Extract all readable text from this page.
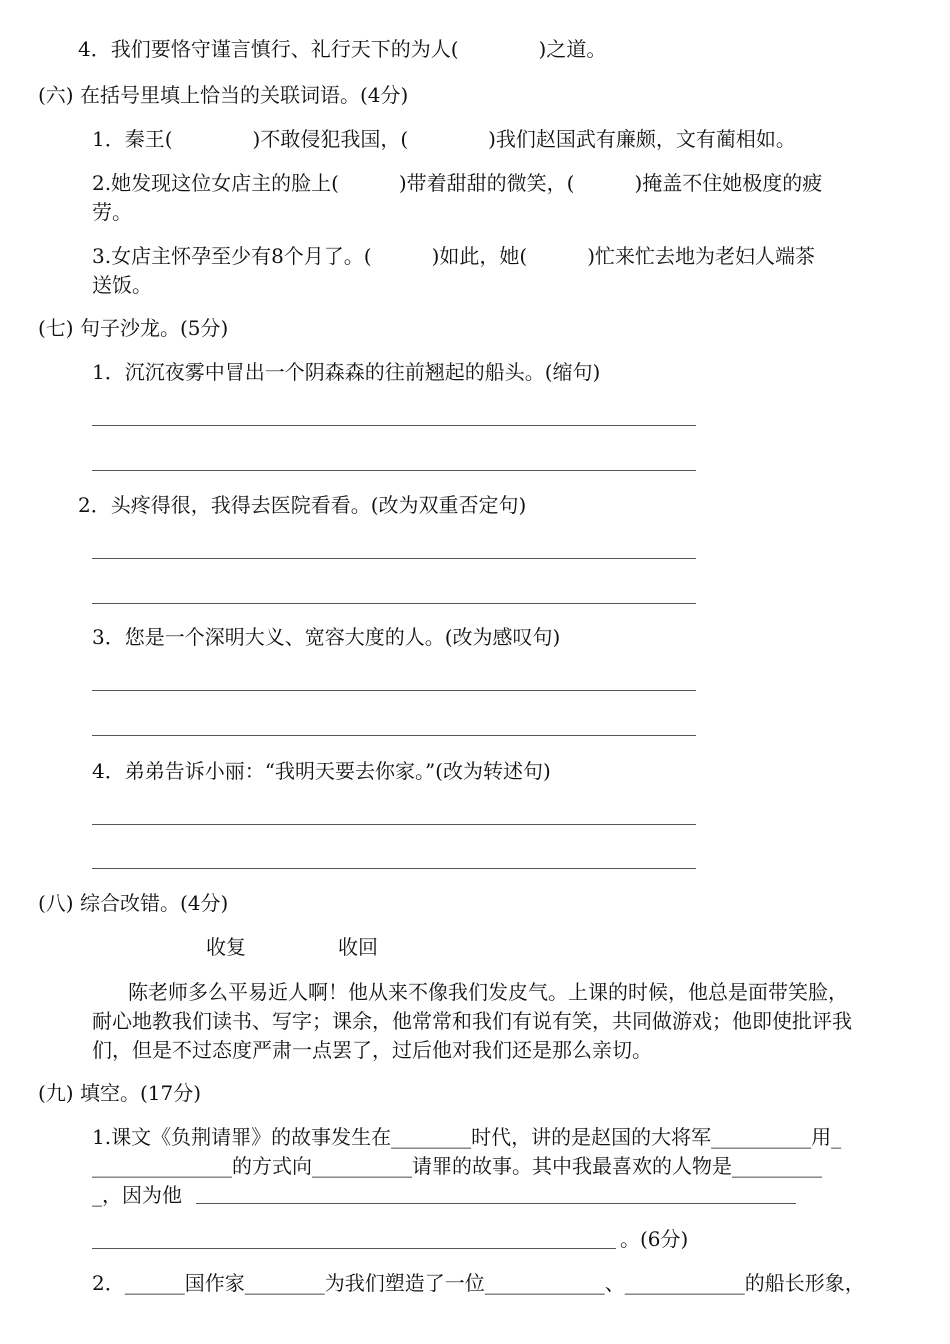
4．我们要恪守谨言慎行、礼行天下的为人(　　　　)之道。
(六) 在括号里填上恰当的关联词语。(4分)
1．秦王(　　　　)不敢侵犯我国，(　　　　)我们赵国武有廉颇，文有蔺相如。
2.她发现这位女店主的脸上(　　　)带着甜甜的微笑，(　　　)掩盖不住她极度的疲
劳。
3.女店主怀孕至少有8个月了。(　　　)如此，她(　　　)忙来忙去地为老妇人端茶
送饭。
(七) 句子沙龙。(5分)
1．沉沉夜雾中冒出一个阴森森的往前翘起的船头。(缩句)
2．头疼得很，我得去医院看看。(改为双重否定句)
3．您是一个深明大义、宽容大度的人。(改为感叹句)
4．弟弟告诉小丽：“我明天要去你家。”(改为转述句)
(八) 综合改错。(4分)
收复	收回
陈老师多么平易近人啊！他从来不像我们发皮气。上课的时候，他总是面带笑脸，
耐心地教我们读书、写字；课余，他常常和我们有说有笑，共同做游戏；他即使批评我
们，但是不过态度严肃一点罢了，过后他对我们还是那么亲切。
(九) 填空。(17分)
1.课文《负荆请罪》的故事发生在________时代，讲的是赵国的大将军__________用_
______________的方式向__________请罪的故事。其中我最喜欢的人物是_________
_，因为他
。(6分)
2．______国作家________为我们塑造了一位____________、____________的船长形象，
